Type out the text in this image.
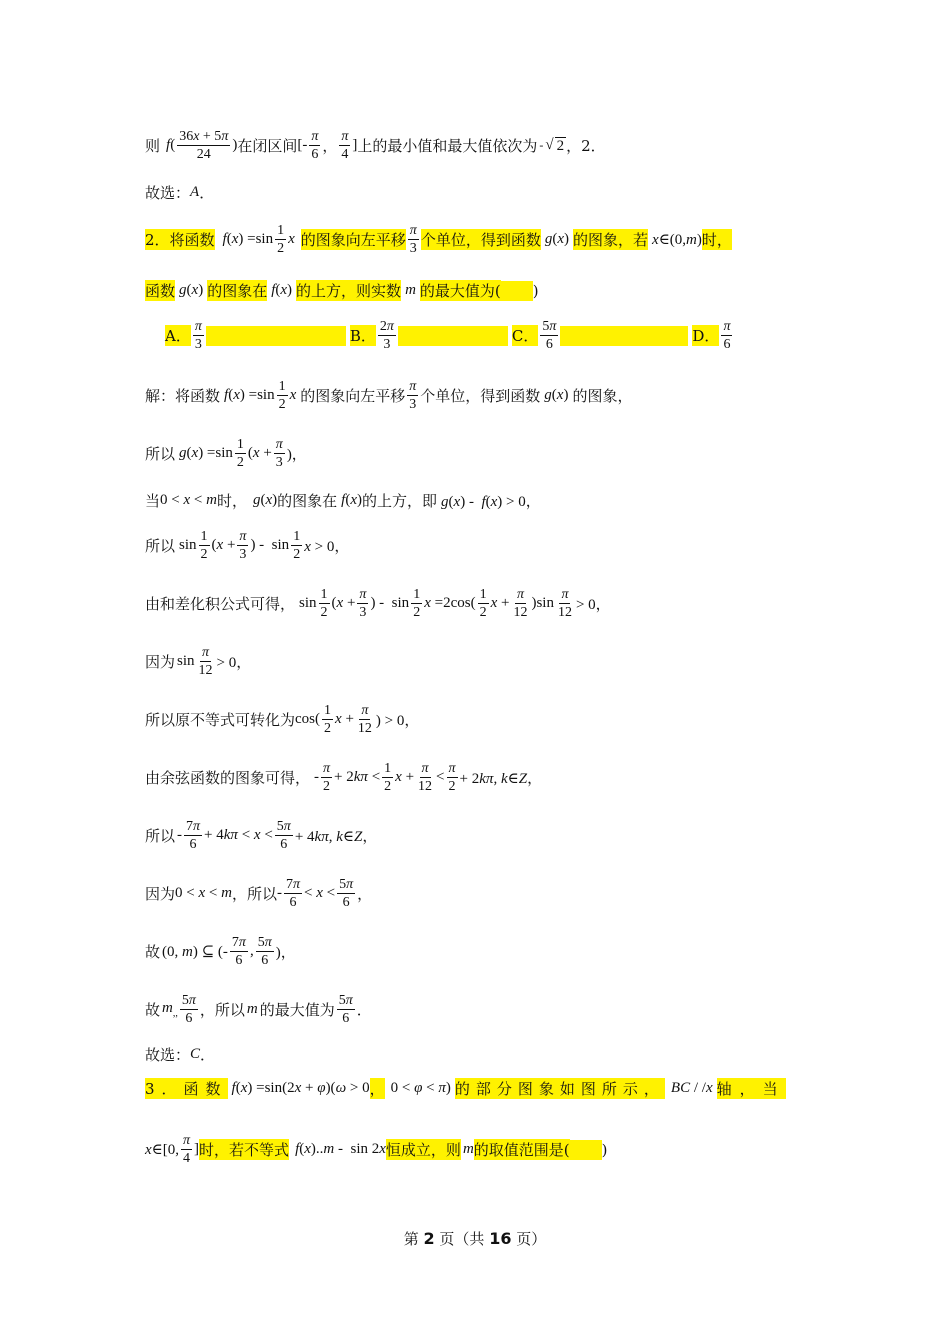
则 f ( $\frac{36x + 5\pi}{24}$ ) 在闭区间 [- $\frac{\pi}{6}$ ， $\frac{\pi}{4}$ ] 上的最小值和最大值依次为 - √ 2 ，2．
故选： A ．
2．将函数 $f(x) =\sin \frac{1}{2}$ x 的图象向左平移 $\frac{\pi}{3}$ 个单位，得到函数 g(x) 的图象，若 x∈(0,m) 时，
函数 g(x) 的图象在 f(x) 的上方，则实数 m 的最大值为( )
A． $\frac{\pi}{3}$	B． $\frac{2\pi}{3}$	C． $\frac{5\pi}{6}$	D． $\frac{\pi}{6}$
解：将函数 $f(x) =\sin \frac{1}{2}$ x 的图象向左平移 $\frac{\pi}{3}$ 个单位，得到函数 g(x) 的图象，
所以 $g(x) =\sin \frac{1}{2} (x + \frac{\pi}{3}$ )，
当 0 < x < m 时， g(x) 的图象在 f(x) 的上方，即 g(x) -  f(x) > 0，
所以 $\sin \frac{1}{2} (x + \frac{\pi}{3}$ ) -  $\sin \frac{1}{2}$ x > 0，
由和差化积公式可得， $\sin \frac{1}{2} (x + \frac{\pi}{3}$ ) -  $\sin \frac{1}{2}$ $x =2\cos( \frac{1}{2}$ $x + \frac{\pi}{12} )\sin \frac{\pi}{12} > 0$，
因为 $\sin \frac{\pi}{12} > 0$，
所以原不等式可转化为 $\cos( \frac{1}{2}$ $x + \frac{\pi}{12}$ ) > 0，
由余弦函数的图象可得， - $\frac{\pi}{2} + 2k\pi < \frac{1}{2}$ $x + \frac{\pi}{12} < \frac{\pi}{2} + 2k\pi$, k∈Z，
所以 - $\frac{7\pi}{6} + 4k\pi < x < \frac{5\pi}{6} + 4k\pi$, k∈Z，
因为 0 < x < m ，所以 - $\frac{7\pi}{6} < x < \frac{5\pi}{6}$ ，
故 (0, m) ⊆ (- $\frac{7\pi}{6}$ , $\frac{5\pi}{6}$ )，
故 $m_{,,} \frac{5\pi}{6}$ ，所以 m 的最大值为 $\frac{5\pi}{6}$ ．
故选： C ．
3．函数 f(x) =sin(2x + φ)(ω > 0 ， 0 < φ < π) 的部分图象如图所示， BC / /x 轴，当
x∈[0, $\frac{\pi}{4}$ ] 时，若不等式 f(x)..m -  sin 2x 恒成立，则 m 的取值范围是( )
第 2 页（共 16 页）
